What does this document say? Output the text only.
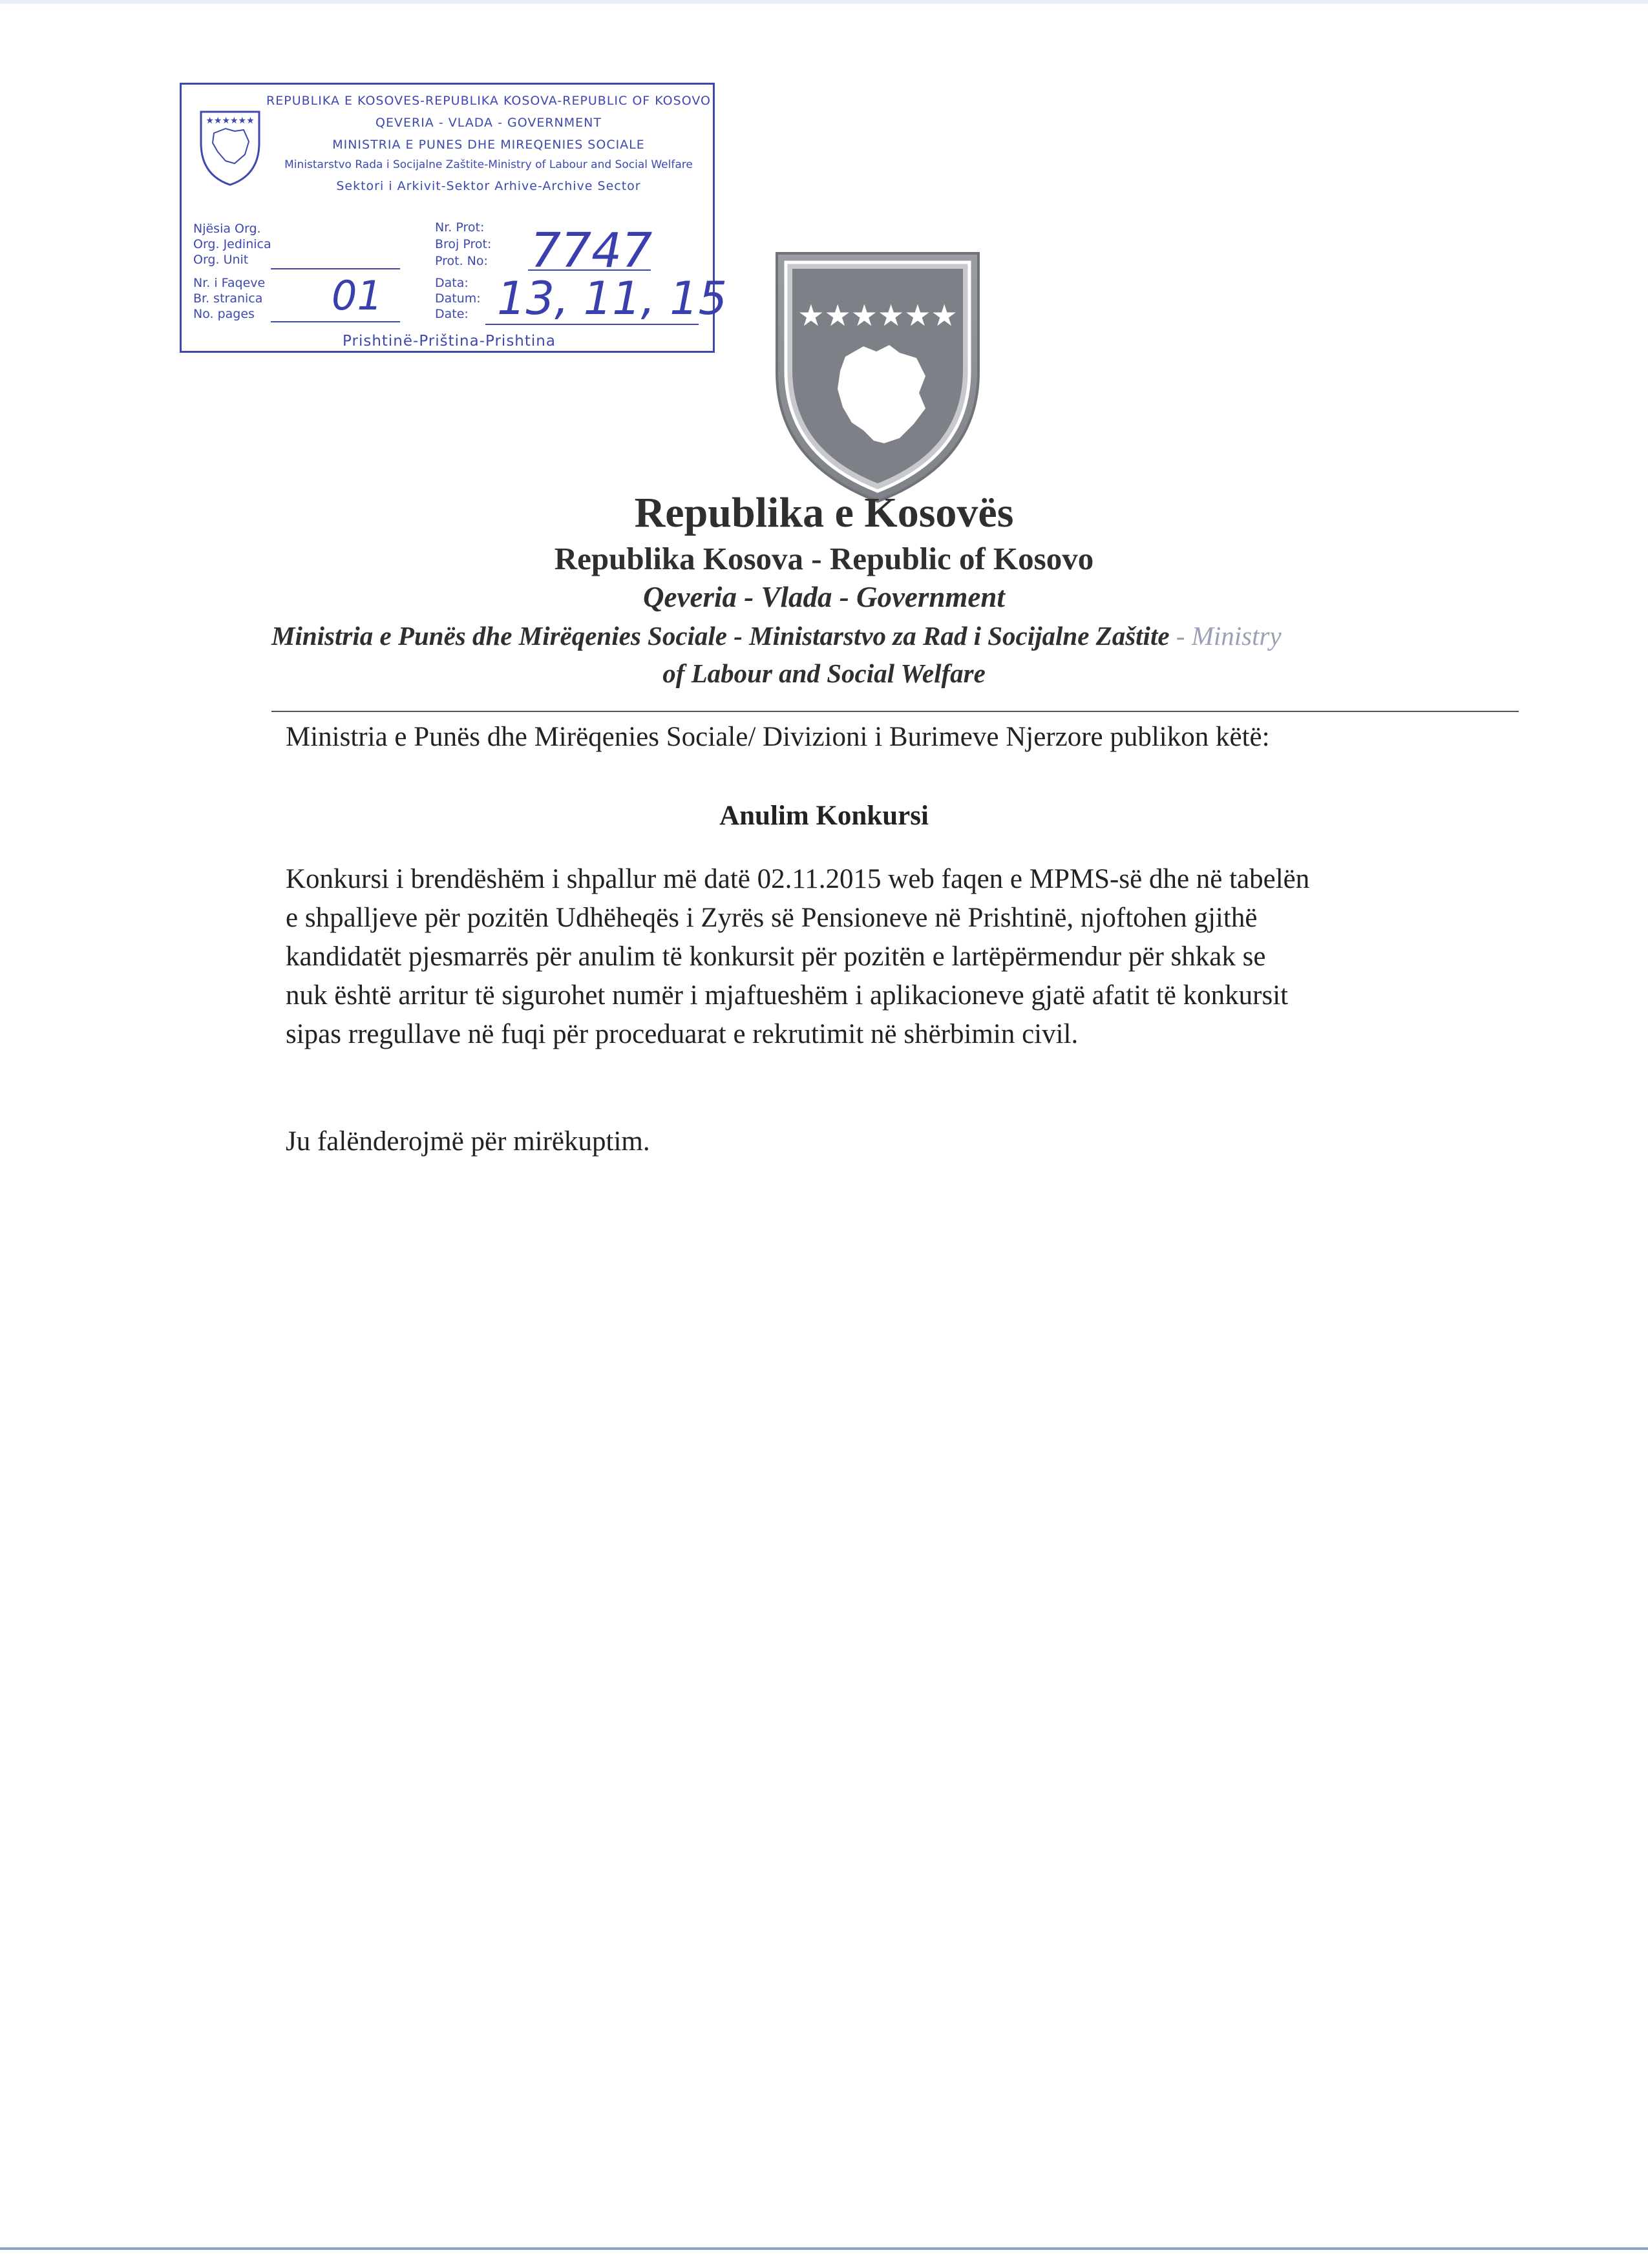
★★★★★★
REPUBLIKA E KOSOVES-REPUBLIKA KOSOVA-REPUBLIC OF KOSOVO
QEVERIA - VLADA - GOVERNMENT
MINISTRIA E PUNES DHE MIREQENIES SOCIALE
Ministarstvo Rada i Socijalne Zaštite-Ministry of Labour and Social Welfare
Sektori i Arkivit-Sektor Arhive-Archive Sector
Njësia Org.
Org. Jedinica
Org. Unit
Nr. i Faqeve
Br. stranica
No. pages 01
Nr. Prot:
Broj Prot:
Prot. No: 7747
Data:
Datum:
Date: 13, 11, 15
Prishtinë-Priština-Prishtina
★★★★★★
Republika e Kosovës
Republika Kosova - Republic of Kosovo
Qeveria - Vlada - Government
Ministria e Punës dhe Mirëqenies Sociale - Ministarstvo za Rad i Socijalne Zaštite - Ministry
of Labour and Social Welfare
Ministria e Punës dhe Mirëqenies Sociale/ Divizioni i Burimeve Njerzore publikon këtë:
Anulim Konkursi
Konkursi i brendëshëm i shpallur më datë 02.11.2015 web faqen e MPMS-së dhe në tabelën
e shpalljeve për pozitën Udhëheqës i Zyrës së Pensioneve në Prishtinë, njoftohen gjithë
kandidatët pjesmarrës për anulim të konkursit për pozitën e lartëpërmendur për shkak se
nuk është arritur të sigurohet numër i mjaftueshëm i aplikacioneve gjatë afatit të konkursit
sipas rregullave në fuqi për proceduarat e rekrutimit në shërbimin civil.
Ju falënderojmë për mirëkuptim.
